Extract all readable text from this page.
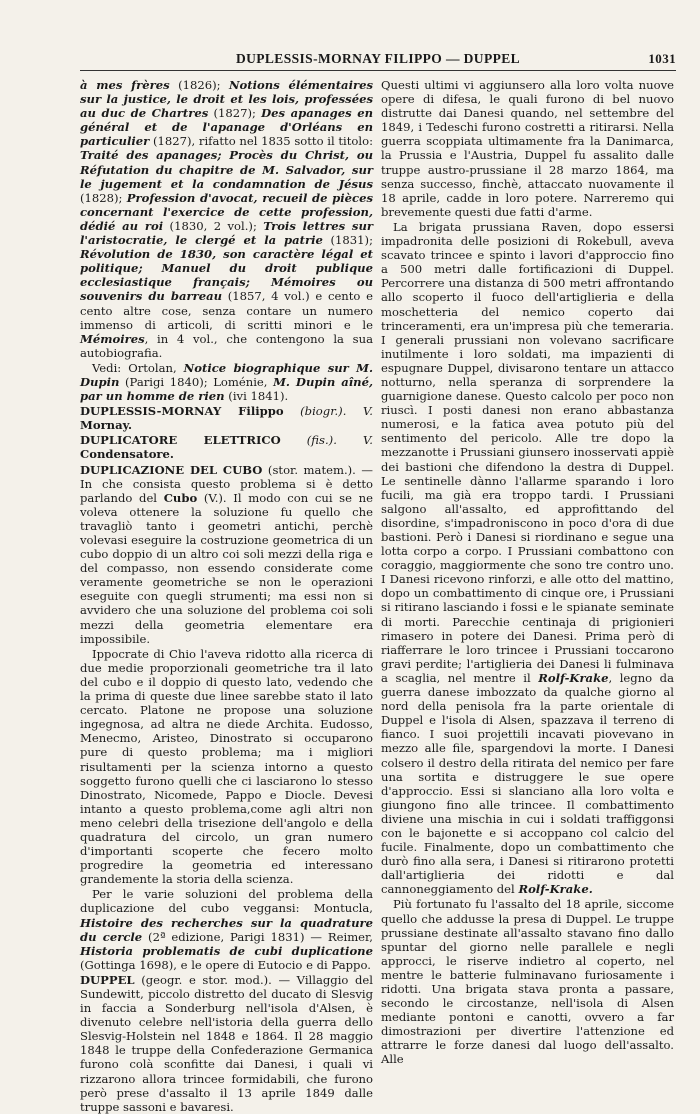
DUPLESSIS-MORNAY FILIPPO — DUPPEL	1031

à mes frères (1826); Notions élémentaires sur la justice, le droit et les lois, professées au duc de Chartres (1827); Des apanages en général et de l'apanage d'Orléans en particulier (1827), rifatto nel 1835 sotto il titolo: Traité des apanages; Procès du Christ, ou Réfutation du chapitre de M. Salvador, sur le jugement et la condamnation de Jésus (1828); Profession d'avocat, recueil de pièces concernant l'exercice de cette profession, dédié au roi (1830, 2 vol.); Trois lettres sur l'aristocratie, le clergé et la patrie (1831); Révolution de 1830, son caractère légal et politique; Manuel du droit publique ecclesiastique français; Mémoires ou souvenirs du barreau (1857, 4 vol.) e cento e cento altre cose, senza contare un numero immenso di articoli, di scritti minori e le Mémoires, in 4 vol., che contengono la sua autobiografia.

Vedi: Ortolan, Notice biographique sur M. Dupin (Parigi 1840); Loménie, M. Dupin aîné, par un homme de rien (ivi 1841).

DUPLESSIS-MORNAY Filippo (biogr.). V. Mornay.

DUPLICATORE ELETTRICO (fis.). V. Condensatore.

DUPLICAZIONE DEL CUBO (stor. matem.). — In che consista questo problema si è detto parlando del Cubo (V.). Il modo con cui se ne voleva ottenere la soluzione fu quello che travagliò tanto i geometri antichi, perchè volevasi eseguire la costruzione geometrica di un cubo doppio di un altro coi soli mezzi della riga e del compasso, non essendo considerate come veramente geometriche se non le operazioni eseguite con quegli strumenti; ma essi non si avvidero che una soluzione del problema coi soli mezzi della geometria elementare era impossibile.

Ippocrate di Chio l'aveva ridotto alla ricerca di due medie proporzionali geometriche tra il lato del cubo e il doppio di questo lato, vedendo che la prima di queste due linee sarebbe stato il lato cercato. Platone ne propose una soluzione ingegnosa, ad altra ne diede Archita. Eudosso, Menecmo, Aristeo, Dinostrato si occuparono pure di questo problema; ma i migliori risultamenti per la scienza intorno a questo soggetto furono quelli che ci lasciarono lo stesso Dinostrato, Nicomede, Pappo e Diocle. Devesi intanto a questo problema,come agli altri non meno celebri della trisezione dell'angolo e della quadratura del circolo, un gran numero d'importanti scoperte che fecero molto progredire la geometria ed interessano grandemente la storia della scienza.

Per le varie soluzioni del problema della duplicazione del cubo veggansi: Montucla, Histoire des recherches sur la quadrature du cercle (2ª edizione, Parigi 1831) — Reimer, Historia problematis de cubi duplicatione (Gottinga 1698), e le opere di Eutocio e di Pappo.

DUPPEL (geogr. e stor. mod.). — Villaggio del Sundewitt, piccolo distretto del ducato di Slesvig in faccia a Sonderburg nell'isola d'Alsen, è divenuto celebre nell'istoria della guerra dello Slesvig-Holstein nel 1848 e 1864. Il 28 maggio 1848 le truppe della Confederazione Germanica furono colà sconfitte dai Danesi, i quali vi rizzarono allora trincee formidabili, che furono però prese d'assalto il 13 aprile 1849 dalle truppe sassoni e bavaresi.

Questi ultimi vi aggiunsero alla loro volta nuove opere di difesa, le quali furono di bel nuovo distrutte dai Danesi quando, nel settembre del 1849, i Tedeschi furono costretti a ritirarsi. Nella guerra scoppiata ultimamente fra la Danimarca, la Prussia e l'Austria, Duppel fu assalito dalle truppe austro-prussiane il 28 marzo 1864, ma senza successo, finchè, attaccato nuovamente il 18 aprile, cadde in loro potere. Narreremo qui brevemente questi due fatti d'arme.

La brigata prussiana Raven, dopo essersi impadronita delle posizioni di Rokebull, aveva scavato trincee e spinto i lavori d'approccio fino a 500 metri dalle fortificazioni di Duppel. Percorrere una distanza di 500 metri affrontando allo scoperto il fuoco dell'artiglieria e della moschetteria del nemico coperto dai trinceramenti, era un'impresa più che temeraria. I generali prussiani non volevano sacrificare inutilmente i loro soldati, ma impazienti di espugnare Duppel, divisarono tentare un attacco notturno, nella speranza di sorprendere la guarnigione danese. Questo calcolo per poco non riuscì. I posti danesi non erano abbastanza numerosi, e la fatica avea potuto più del sentimento del pericolo. Alle tre dopo la mezzanotte i Prussiani giunsero inosservati appiè dei bastioni che difendono la destra di Duppel. Le sentinelle dànno l'allarme sparando i loro fucili, ma già era troppo tardi. I Prussiani salgono all'assalto, ed approfittando del disordine, s'impadroniscono in poco d'ora di due bastioni. Però i Danesi si riordinano e segue una lotta corpo a corpo. I Prussiani combattono con coraggio, maggiormente che sono tre contro uno. I Danesi ricevono rinforzi, e alle otto del mattino, dopo un combattimento di cinque ore, i Prussiani si ritirano lasciando i fossi e le spianate seminate di morti. Parecchie centinaja di prigionieri rimasero in potere dei Danesi. Prima però di riafferrare le loro trincee i Prussiani toccarono gravi perdite; l'artiglieria dei Danesi li fulminava a scaglia, nel mentre il Rolf-Krake, legno da guerra danese imbozzato da qualche giorno al nord della penisola fra la parte orientale di Duppel e l'isola di Alsen, spazzava il terreno di fianco. I suoi projettili incavati piovevano in mezzo alle file, spargendovi la morte. I Danesi colsero il destro della ritirata del nemico per fare una sortita e distruggere le sue opere d'approccio. Essi si slanciano alla loro volta e giungono fino alle trincee. Il combattimento diviene una mischia in cui i soldati traffiggonsi con le bajonette e si accoppano col calcio del fucile. Finalmente, dopo un combattimento che durò fino alla sera, i Danesi si ritirarono protetti dall'artiglieria dei ridotti e dal cannoneggiamento del Rolf-Krake.

Più fortunato fu l'assalto del 18 aprile, siccome quello che addusse la presa di Duppel. Le truppe prussiane destinate all'assalto stavano fino dallo spuntar del giorno nelle parallele e negli approcci, le riserve indietro al coperto, nel mentre le batterie fulminavano furiosamente i ridotti. Una brigata stava pronta a passare, secondo le circostanze, nell'isola di Alsen mediante pontoni e canotti, ovvero a far dimostrazioni per divertire l'attenzione ed attrarre le forze danesi dal luogo dell'assalto. Alle
